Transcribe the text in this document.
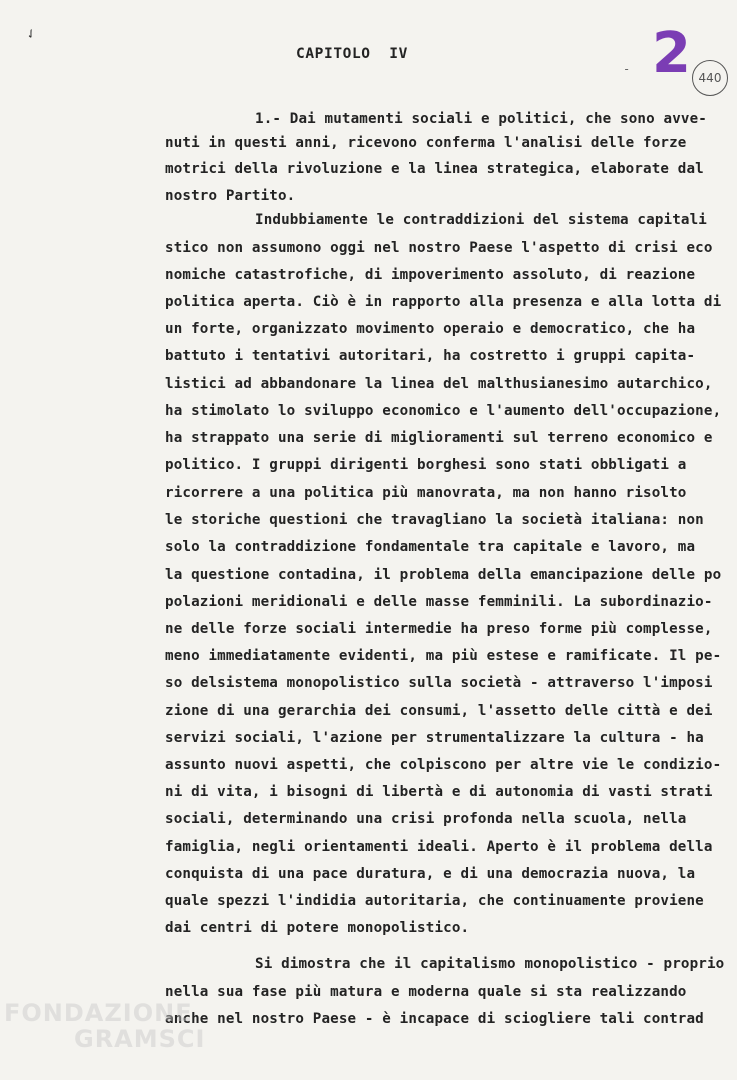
✓
CAPITOLO  IV
- 2 440
1.- Dai mutamenti sociali e politici, che sono avve-
nuti in questi anni, ricevono conferma l'analisi delle forze
motrici della rivoluzione e la linea strategica, elaborate dal
nostro Partito.
Indubbiamente le contraddizioni del sistema capitali
stico non assumono oggi nel nostro Paese l'aspetto di crisi eco
nomiche catastrofiche, di impoverimento assoluto, di reazione
politica aperta. Ciò è in rapporto alla presenza e alla lotta di
un forte, organizzato movimento operaio e democratico, che ha
battuto i tentativi autoritari, ha costretto i gruppi capita-
listici ad abbandonare la linea del malthusianesimo autarchico,
ha stimolato lo sviluppo economico e l'aumento dell'occupazione,
ha strappato una serie di miglioramenti sul terreno economico e
politico. I gruppi dirigenti borghesi sono stati obbligati a
ricorrere a una politica più manovrata, ma non hanno risolto
le storiche questioni che travagliano la società italiana: non
solo la contraddizione fondamentale tra capitale e lavoro, ma
la questione contadina, il problema della emancipazione delle po
polazioni meridionali e delle masse femminili. La subordinazio-
ne delle forze sociali intermedie ha preso forme più complesse,
meno immediatamente evidenti, ma più estese e ramificate. Il pe-
so delsistema monopolistico sulla società - attraverso l'imposi
zione di una gerarchia dei consumi, l'assetto delle città e dei
servizi sociali, l'azione per strumentalizzare la cultura - ha
assunto nuovi aspetti, che colpiscono per altre vie le condizio-
ni di vita, i bisogni di libertà e di autonomia di vasti strati
sociali, determinando una crisi profonda nella scuola, nella
famiglia, negli orientamenti ideali. Aperto è il problema della
conquista di una pace duratura, e di una democrazia nuova, la
quale spezzi l'indidia autoritaria, che continuamente proviene
dai centri di potere monopolistico.
Si dimostra che il capitalismo monopolistico - proprio
nella sua fase più matura e moderna quale si sta realizzando
anche nel nostro Paese - è incapace di sciogliere tali contrad
FONDAZIONE
GRAMSCI
